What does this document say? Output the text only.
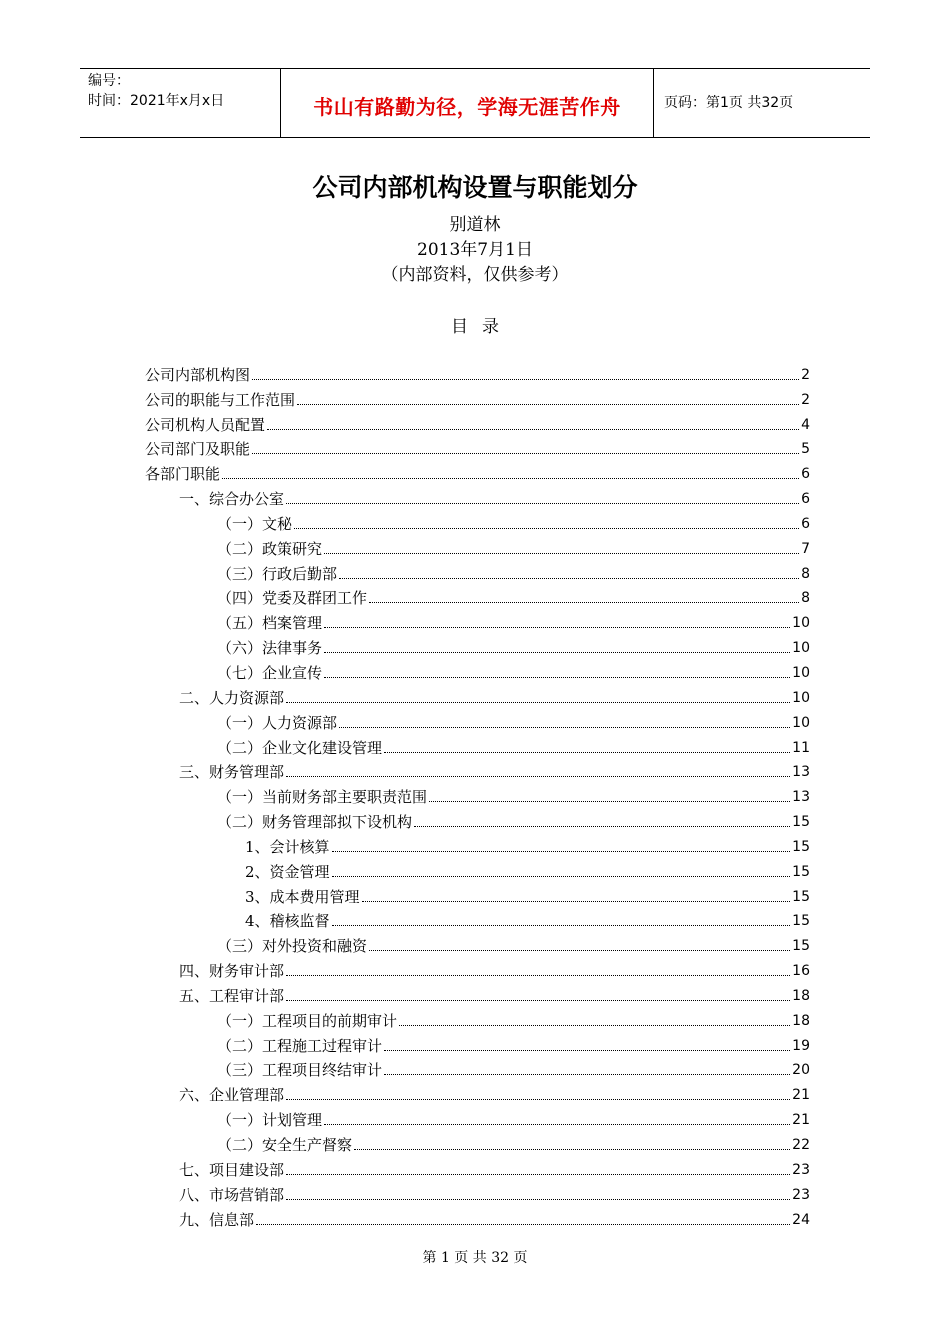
编号：
时间：2021年x月x日	书山有路勤为径，学海无涯苦作舟	页码：第1页 共32页
公司内部机构设置与职能划分
别道林
2013年7月1日
（内部资料，仅供参考）
目录
公司内部机构图	2
公司的职能与工作范围	2
公司机构人员配置	4
公司部门及职能	5
各部门职能	6
一、综合办公室	6
（一）文秘	6
（二）政策研究	7
（三）行政后勤部	8
（四）党委及群团工作	8
（五）档案管理	10
（六）法律事务	10
（七）企业宣传	10
二、人力资源部	10
（一）人力资源部	10
（二）企业文化建设管理	11
三、财务管理部	13
（一）当前财务部主要职责范围	13
（二）财务管理部拟下设机构	15
1、会计核算	15
2、资金管理	15
3、成本费用管理	15
4、稽核监督	15
（三）对外投资和融资	15
四、财务审计部	16
五、工程审计部	18
（一）工程项目的前期审计	18
（二）工程施工过程审计	19
（三）工程项目终结审计	20
六、企业管理部	21
（一）计划管理	21
（二）安全生产督察	22
七、项目建设部	23
八、市场营销部	23
九、信息部	24
第 1 页 共 32 页
